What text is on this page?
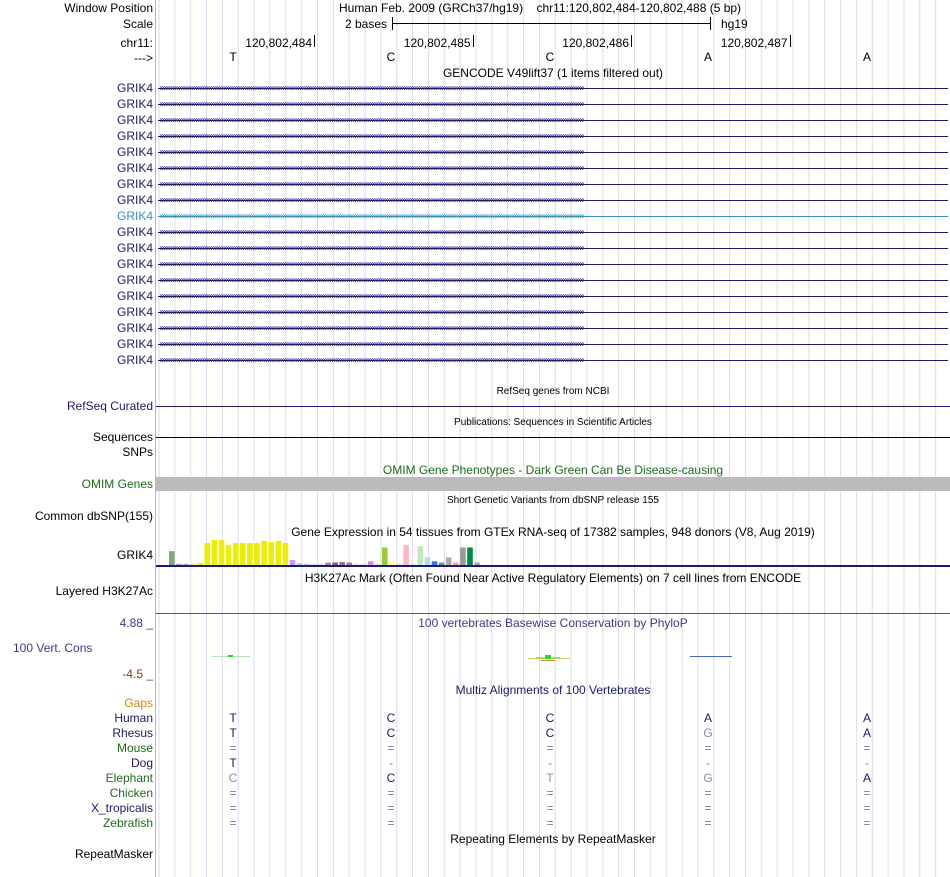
Window Position	Human Feb. 2009 (GRCh37/hg19) chr11:120,802,484-120,802,488 (5 bp)
Scale	2 bases	hg19
chr11:
--->
GENCODE V49lift37 (1 items filtered out)
RefSeq genes from NCBI
RefSeq Curated
Publications: Sequences in Scientific Articles
Sequences
SNPs
OMIM Gene Phenotypes - Dark Green Can Be Disease-causing
OMIM Genes
Short Genetic Variants from dbSNP release 155
Common dbSNP(155)
Gene Expression in 54 tissues from GTEx RNA-seq of 17382 samples, 948 donors (V8, Aug 2019)
GRIK4
H3K27Ac Mark (Often Found Near Active Regulatory Elements) on 7 cell lines from ENCODE
Layered H3K27Ac
100 vertebrates Basewise Conservation by PhyloP
4.88 _
100 Vert. Cons
-4.5 _
Multiz Alignments of 100 Vertebrates
Gaps
Repeating Elements by RepeatMasker
RepeatMasker
120,802,484	120,802,485	120,802,486	120,802,487
T	C	C	A	A
GRIK4 ››››››››››››››››››››››››››››››››››››››››››››››››››››››››››››››››››››››››››››››››››››››››››››››››››››››››››››››››››››››››››››››››››››››››››››››››››››››››››››››››››››››››››››››››››››››››››››››››››››››››
GRIK4 ››››››››››››››››››››››››››››››››››››››››››››››››››››››››››››››››››››››››››››››››››››››››››››››››››››››››››››››››››››››››››››››››››››››››››››››››››››››››››››››››››››››››››››››››››››››››››››››››››››››››
GRIK4 ››››››››››››››››››››››››››››››››››››››››››››››››››››››››››››››››››››››››››››››››››››››››››››››››››››››››››››››››››››››››››››››››››››››››››››››››››››››››››››››››››››››››››››››››››››››››››››››››››››››››
GRIK4 ››››››››››››››››››››››››››››››››››››››››››››››››››››››››››››››››››››››››››››››››››››››››››››››››››››››››››››››››››››››››››››››››››››››››››››››››››››››››››››››››››››››››››››››››››››››››››››››››››››››››
GRIK4 ››››››››››››››››››››››››››››››››››››››››››››››››››››››››››››››››››››››››››››››››››››››››››››››››››››››››››››››››››››››››››››››››››››››››››››››››››››››››››››››››››››››››››››››››››››››››››››››››››››››››
GRIK4 ››››››››››››››››››››››››››››››››››››››››››››››››››››››››››››››››››››››››››››››››››››››››››››››››››››››››››››››››››››››››››››››››››››››››››››››››››››››››››››››››››››››››››››››››››››››››››››››››››››››››
GRIK4 ››››››››››››››››››››››››››››››››››››››››››››››››››››››››››››››››››››››››››››››››››››››››››››››››››››››››››››››››››››››››››››››››››››››››››››››››››››››››››››››››››››››››››››››››››››››››››››››››››››››››
GRIK4 ››››››››››››››››››››››››››››››››››››››››››››››››››››››››››››››››››››››››››››››››››››››››››››››››››››››››››››››››››››››››››››››››››››››››››››››››››››››››››››››››››››››››››››››››››››››››››››››››››››››››
GRIK4 ››››››››››››››››››››››››››››››››››››››››››››››››››››››››››››››››››››››››››››››››››››››››››››››››››››››››››››››››››››››››››››››››››››››››››››››››››››››››››››››››››››››››››››››››››››››››››››››››››››››››
GRIK4 ››››››››››››››››››››››››››››››››››››››››››››››››››››››››››››››››››››››››››››››››››››››››››››››››››››››››››››››››››››››››››››››››››››››››››››››››››››››››››››››››››››››››››››››››››››››››››››››››››››››››
GRIK4 ››››››››››››››››››››››››››››››››››››››››››››››››››››››››››››››››››››››››››››››››››››››››››››››››››››››››››››››››››››››››››››››››››››››››››››››››››››››››››››››››››››››››››››››››››››››››››››››››››››››››
GRIK4 ››››››››››››››››››››››››››››››››››››››››››››››››››››››››››››››››››››››››››››››››››››››››››››››››››››››››››››››››››››››››››››››››››››››››››››››››››››››››››››››››››››››››››››››››››››››››››››››››››››››››
GRIK4 ››››››››››››››››››››››››››››››››››››››››››››››››››››››››››››››››››››››››››››››››››››››››››››››››››››››››››››››››››››››››››››››››››››››››››››››››››››››››››››››››››››››››››››››››››››››››››››››››››››››››
GRIK4 ››››››››››››››››››››››››››››››››››››››››››››››››››››››››››››››››››››››››››››››››››››››››››››››››››››››››››››››››››››››››››››››››››››››››››››››››››››››››››››››››››››››››››››››››››››››››››››››››››››››››
GRIK4 ››››››››››››››››››››››››››››››››››››››››››››››››››››››››››››››››››››››››››››››››››››››››››››››››››››››››››››››››››››››››››››››››››››››››››››››››››››››››››››››››››››››››››››››››››››››››››››››››››››››››
GRIK4 ››››››››››››››››››››››››››››››››››››››››››››››››››››››››››››››››››››››››››››››››››››››››››››››››››››››››››››››››››››››››››››››››››››››››››››››››››››››››››››››››››››››››››››››››››››››››››››››››››››››››
GRIK4 ››››››››››››››››››››››››››››››››››››››››››››››››››››››››››››››››››››››››››››››››››››››››››››››››››››››››››››››››››››››››››››››››››››››››››››››››››››››››››››››››››››››››››››››››››››››››››››››››››››››››
GRIK4 ››››››››››››››››››››››››››››››››››››››››››››››››››››››››››››››››››››››››››››››››››››››››››››››››››››››››››››››››››››››››››››››››››››››››››››››››››››››››››››››››››››››››››››››››››››››››››››››››››››››››
Human	T	C	C	A	A
Rhesus	T	C	C	G	A
Mouse	=	=	=	=	=
Dog	T	-	-	-	-
Elephant	C	C	T	G	A
Chicken	=	=	=	=	=
X_tropicalis	=	=	=	=	=
Zebrafish	=	=	=	=	=
